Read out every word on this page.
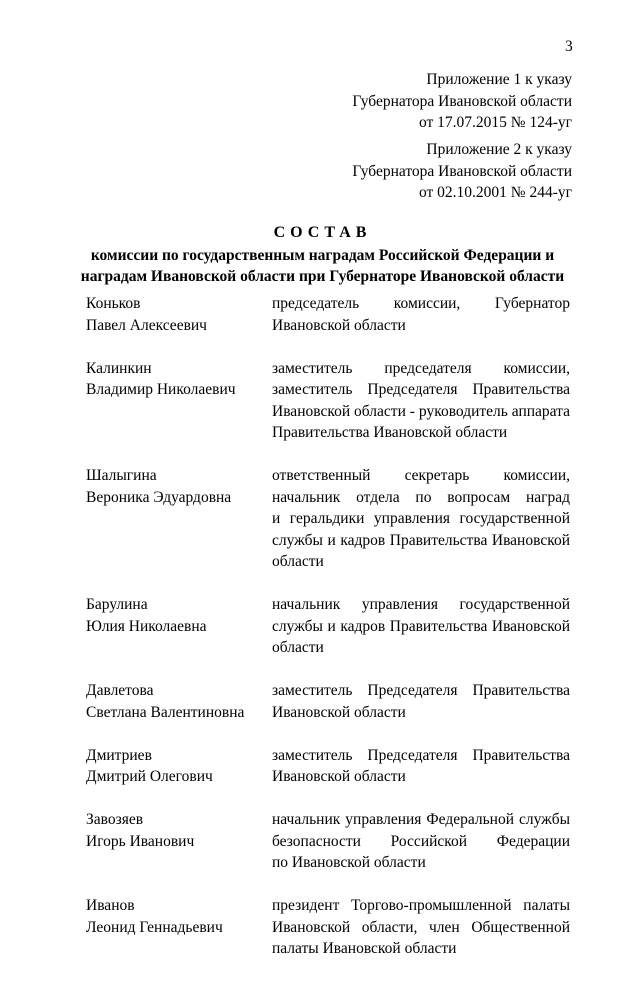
3
Приложение 1 к указу
Губернатора Ивановской области
от 17.07.2015 № 124-уг
Приложение 2 к указу
Губернатора Ивановской области
от 02.10.2001 № 244-уг
СОСТАВ
комиссии по государственным наградам Российской Федерации и
наградам Ивановской области при Губернаторе Ивановской области
Коньков
Павел Алексеевич
председатель комиссии, Губернатор
Ивановской области
Калинкин
Владимир Николаевич
заместитель председателя комиссии,
заместитель Председателя Правительства
Ивановской области - руководитель аппарата
Правительства Ивановской области
Шалыгина
Вероника Эдуардовна
ответственный секретарь комиссии,
начальник отдела по вопросам наград
и геральдики управления государственной
службы и кадров Правительства Ивановской
области
Барулина
Юлия Николаевна
начальник управления государственной
службы и кадров Правительства Ивановской
области
Давлетова
Светлана Валентиновна
заместитель Председателя Правительства
Ивановской области
Дмитриев
Дмитрий Олегович
заместитель Председателя Правительства
Ивановской области
Завозяев
Игорь Иванович
начальник управления Федеральной службы
безопасности Российской Федерации
по Ивановской области
Иванов
Леонид Геннадьевич
президент Торгово-промышленной палаты
Ивановской области, член Общественной
палаты Ивановской области
